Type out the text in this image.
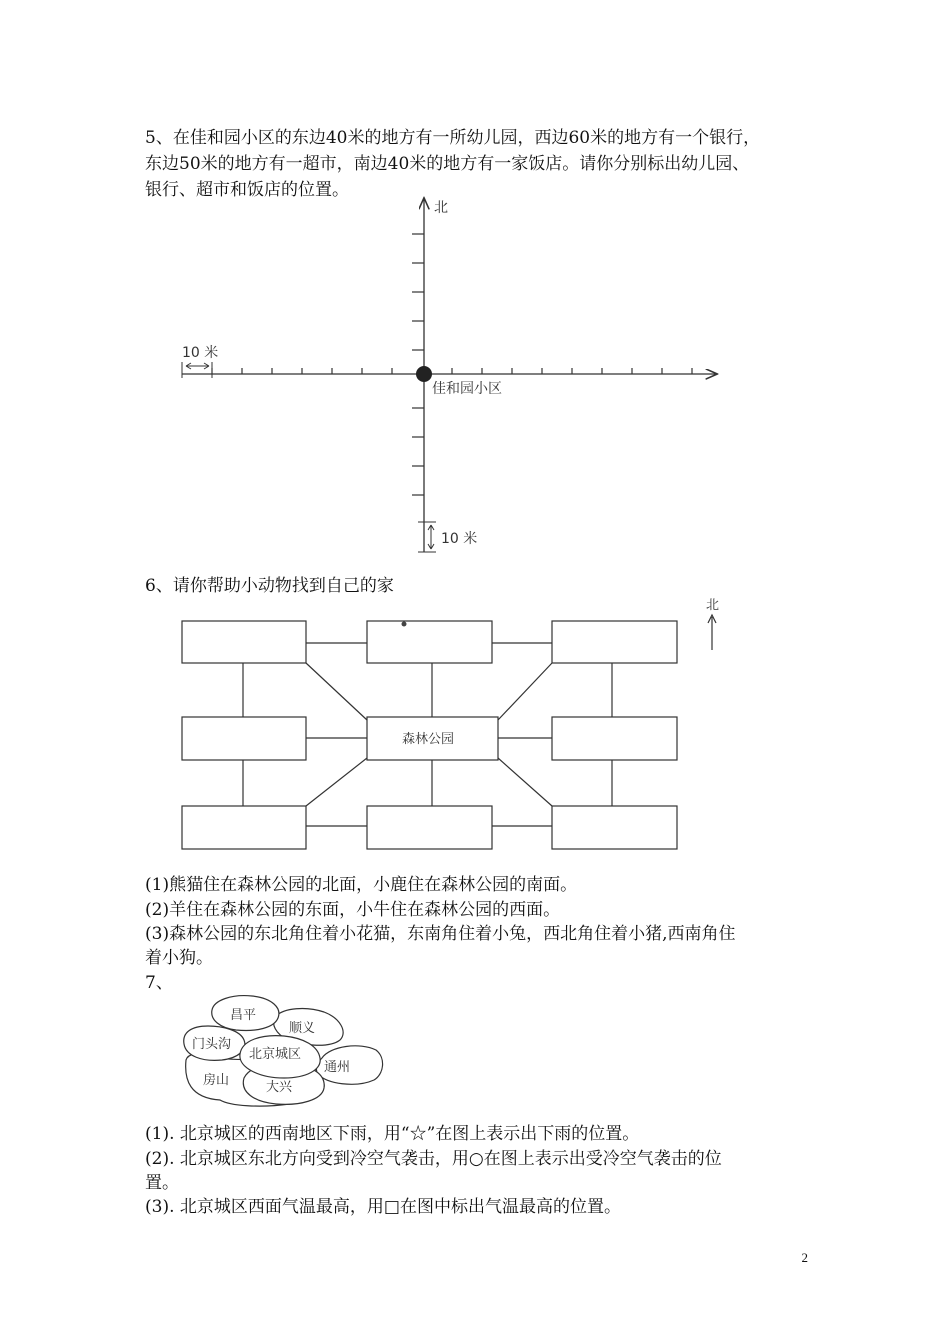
5、在佳和园小区的东边40米的地方有一所幼儿园，西边60米的地方有一个银行，
东边50米的地方有一超市，南边40米的地方有一家饭店。请你分别标出幼儿园、
银行、超市和饭店的位置。
10 米
10 米
北
佳和园小区
6、请你帮助小动物找到自己的家
森林公园
北
(1)熊猫住在森林公园的北面，小鹿住在森林公园的南面。
(2)羊住在森林公园的东面，小牛住在森林公园的西面。
(3)森林公园的东北角住着小花猫，东南角住着小兔，西北角住着小猪,西南角住
着小狗。
7、
昌平
顺义
门头沟
北京城区
通州
房山	大兴
(1). 北京城区的西南地区下雨，用“☆”在图上表示出下雨的位置。
(2). 北京城区东北方向受到冷空气袭击，用○在图上表示出受冷空气袭击的位
置。
(3). 北京城区西面气温最高，用□在图中标出气温最高的位置。
2
